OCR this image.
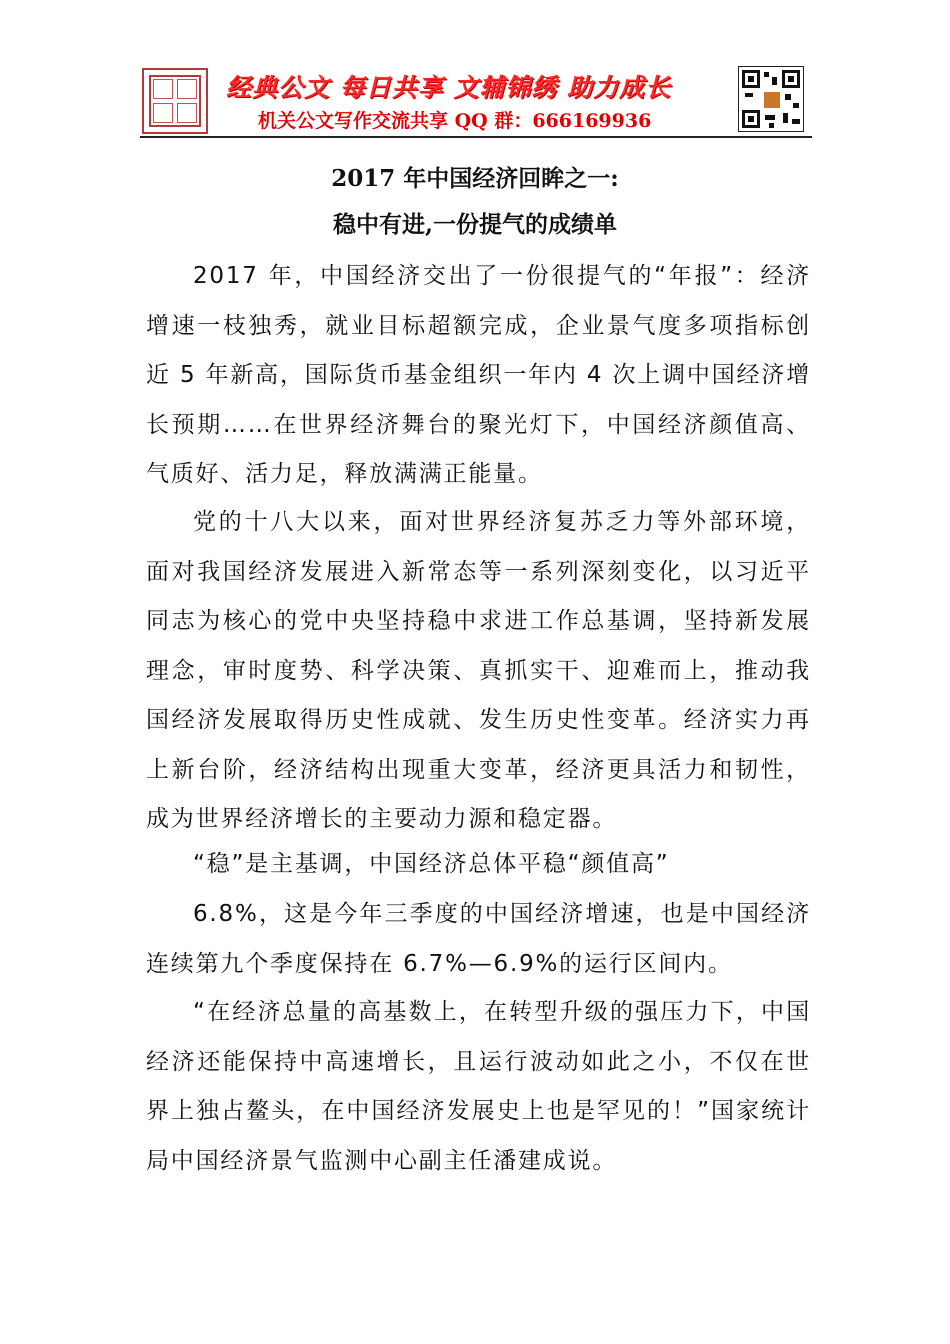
经典公文 每日共享 文辅锦绣 助力成长
机关公文写作交流共享 QQ 群：666169936
2017 年中国经济回眸之一:
稳中有进,一份提气的成绩单

2017 年，中国经济交出了一份很提气的“年报”：经济增速一枝独秀，就业目标超额完成，企业景气度多项指标创近 5 年新高，国际货币基金组织一年内 4 次上调中国经济增长预期……在世界经济舞台的聚光灯下，中国经济颜值高、气质好、活力足，释放满满正能量。

党的十八大以来，面对世界经济复苏乏力等外部环境，面对我国经济发展进入新常态等一系列深刻变化，以习近平同志为核心的党中央坚持稳中求进工作总基调，坚持新发展理念，审时度势、科学决策、真抓实干、迎难而上，推动我国经济发展取得历史性成就、发生历史性变革。经济实力再上新台阶，经济结构出现重大变革，经济更具活力和韧性，成为世界经济增长的主要动力源和稳定器。

“稳”是主基调，中国经济总体平稳“颜值高”

6.8%，这是今年三季度的中国经济增速，也是中国经济连续第九个季度保持在 6.7%—6.9%的运行区间内。

“在经济总量的高基数上，在转型升级的强压力下，中国经济还能保持中高速增长，且运行波动如此之小，不仅在世界上独占鳌头，在中国经济发展史上也是罕见的！”国家统计局中国经济景气监测中心副主任潘建成说。
